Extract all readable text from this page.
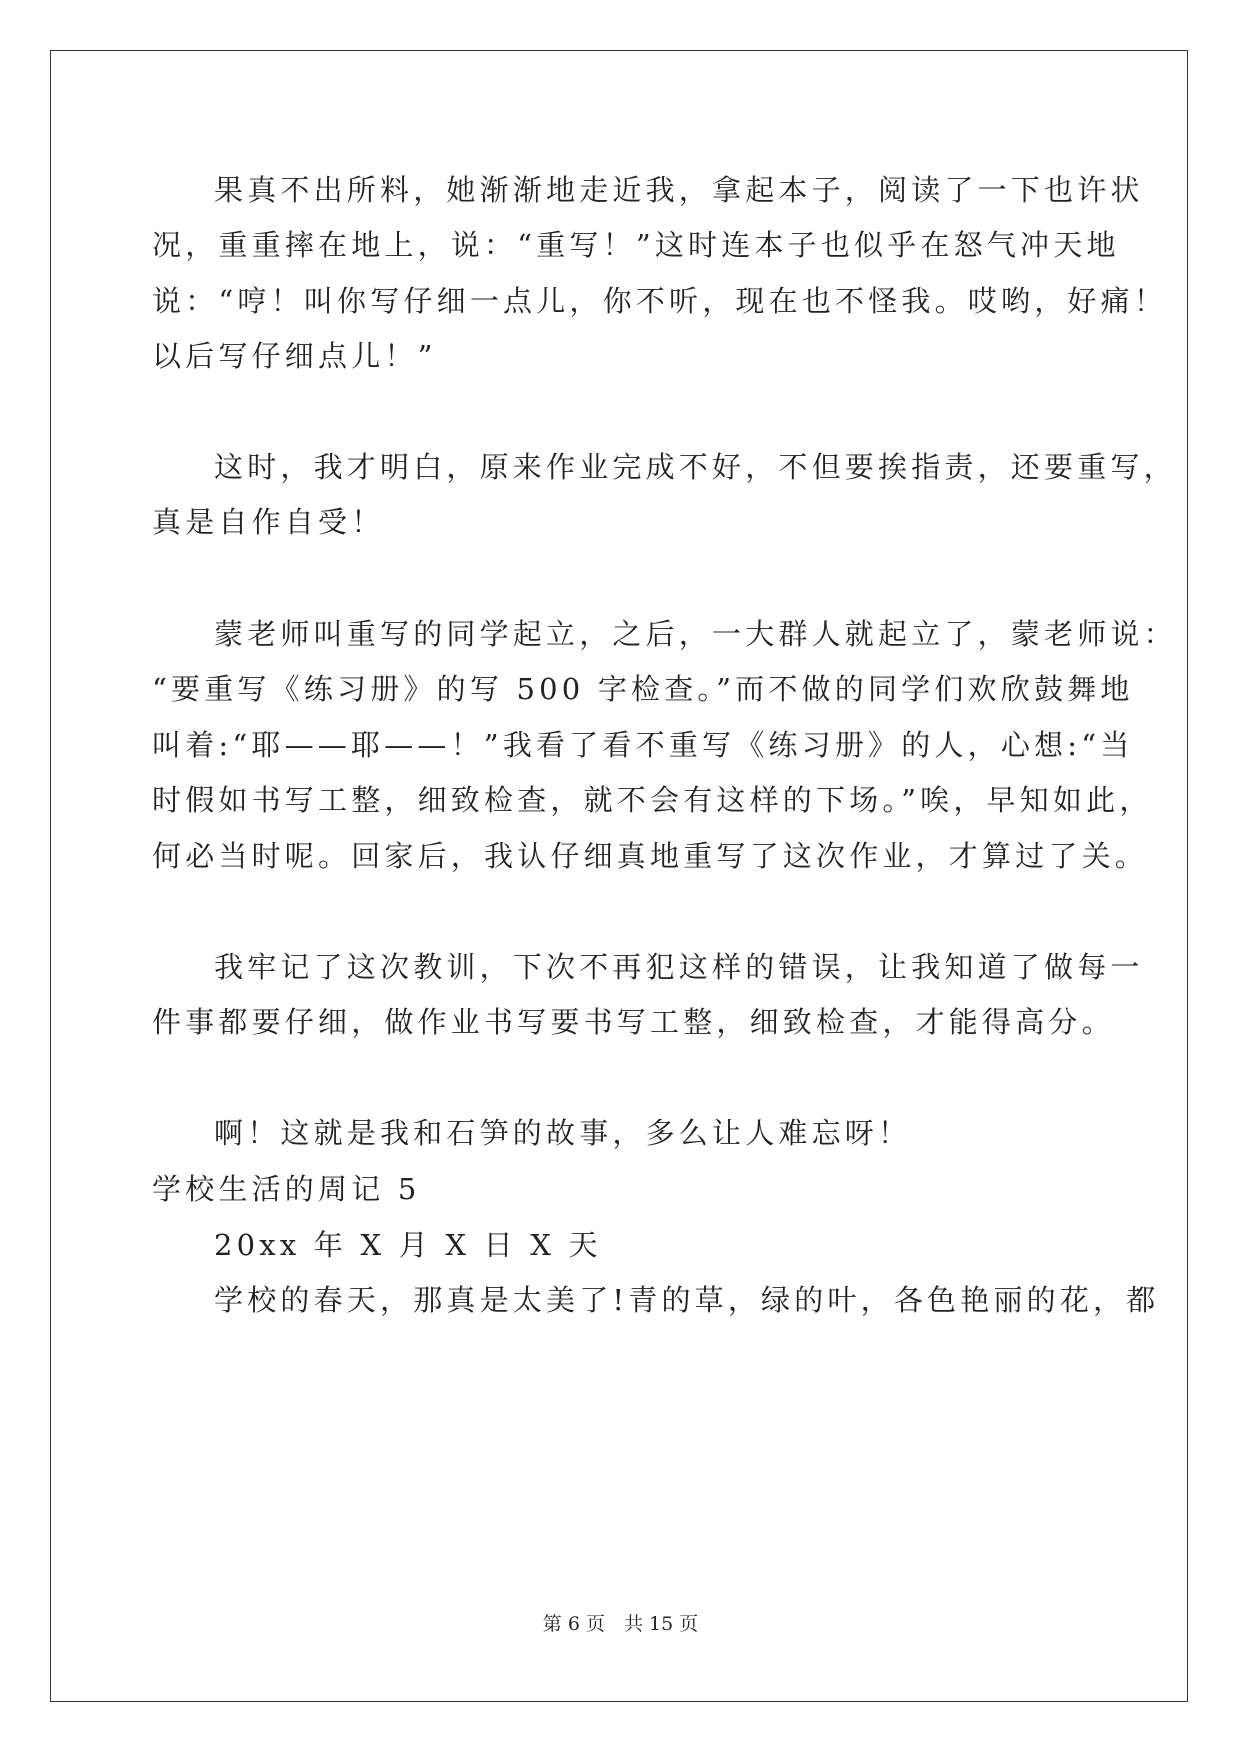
果真不出所料，她渐渐地走近我，拿起本子，阅读了一下也许状
况，重重摔在地上，说：“重写！”这时连本子也似乎在怒气冲天地
说：“哼！叫你写仔细一点儿，你不听，现在也不怪我。哎哟，好痛！
以后写仔细点儿！”
这时，我才明白，原来作业完成不好，不但要挨指责，还要重写，
真是自作自受！
蒙老师叫重写的同学起立，之后，一大群人就起立了，蒙老师说：
“要重写《练习册》的写 500 字检查。”而不做的同学们欢欣鼓舞地
叫着:“耶——耶——！”我看了看不重写《练习册》的人，心想:“当
时假如书写工整，细致检查，就不会有这样的下场。”唉，早知如此，
何必当时呢。回家后，我认仔细真地重写了这次作业，才算过了关。
我牢记了这次教训，下次不再犯这样的错误，让我知道了做每一
件事都要仔细，做作业书写要书写工整，细致检查，才能得高分。
啊！这就是我和石笋的故事，多么让人难忘呀！
学校生活的周记 5
20xx 年 X 月 X 日 X 天
学校的春天，那真是太美了!青的草，绿的叶，各色艳丽的花，都
第 6 页　共 15 页
